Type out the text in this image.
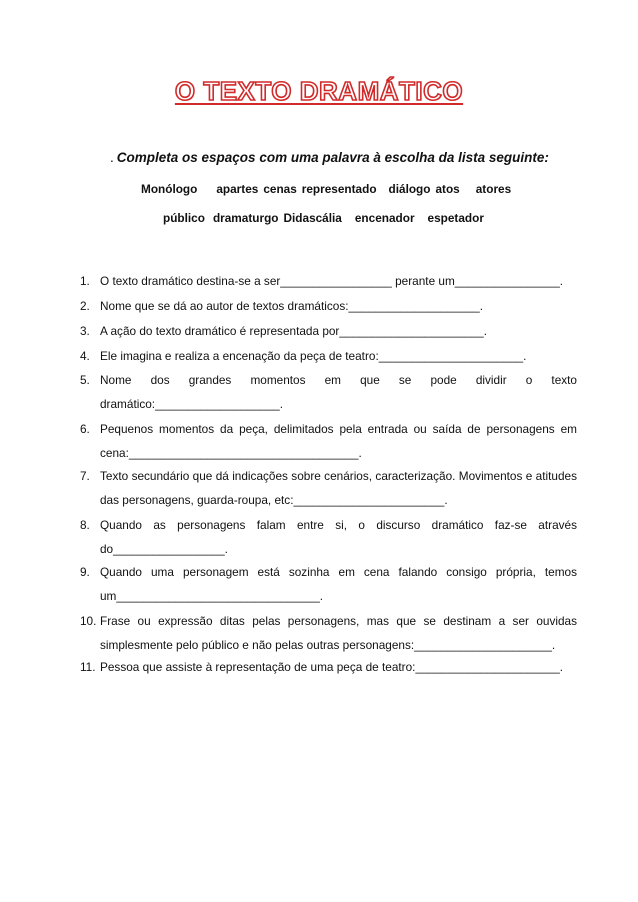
O TEXTO DRAMÁTICO
. Completa os espaços com uma palavra à escolha da lista seguinte:
Monólogo apartes cenas representado diálogo atos atores
público dramaturgo Didascália encenador espetador
1. O texto dramático destina-se a ser_________________ perante um________________.
2. Nome que se dá ao autor de textos dramáticos:____________________.
3. A ação do texto dramático é representada por______________________.
4. Ele imagina e realiza a encenação da peça de teatro:______________________.
5. Nome dos grandes momentos em que se pode dividir o texto
dramático:___________________.
6. Pequenos momentos da peça, delimitados pela entrada ou saída de personagens em
cena:___________________________________.
7. Texto secundário que dá indicações sobre cenários, caracterização. Movimentos e atitudes
das personagens, guarda-roupa, etc:_______________________.
8. Quando as personagens falam entre si, o discurso dramático faz-se através
do_________________.
9. Quando uma personagem está sozinha em cena falando consigo própria, temos
um_______________________________.
10. Frase ou expressão ditas pelas personagens, mas que se destinam a ser ouvidas
simplesmente pelo público e não pelas outras personagens:_____________________.
11. Pessoa que assiste à representação de uma peça de teatro:______________________.
